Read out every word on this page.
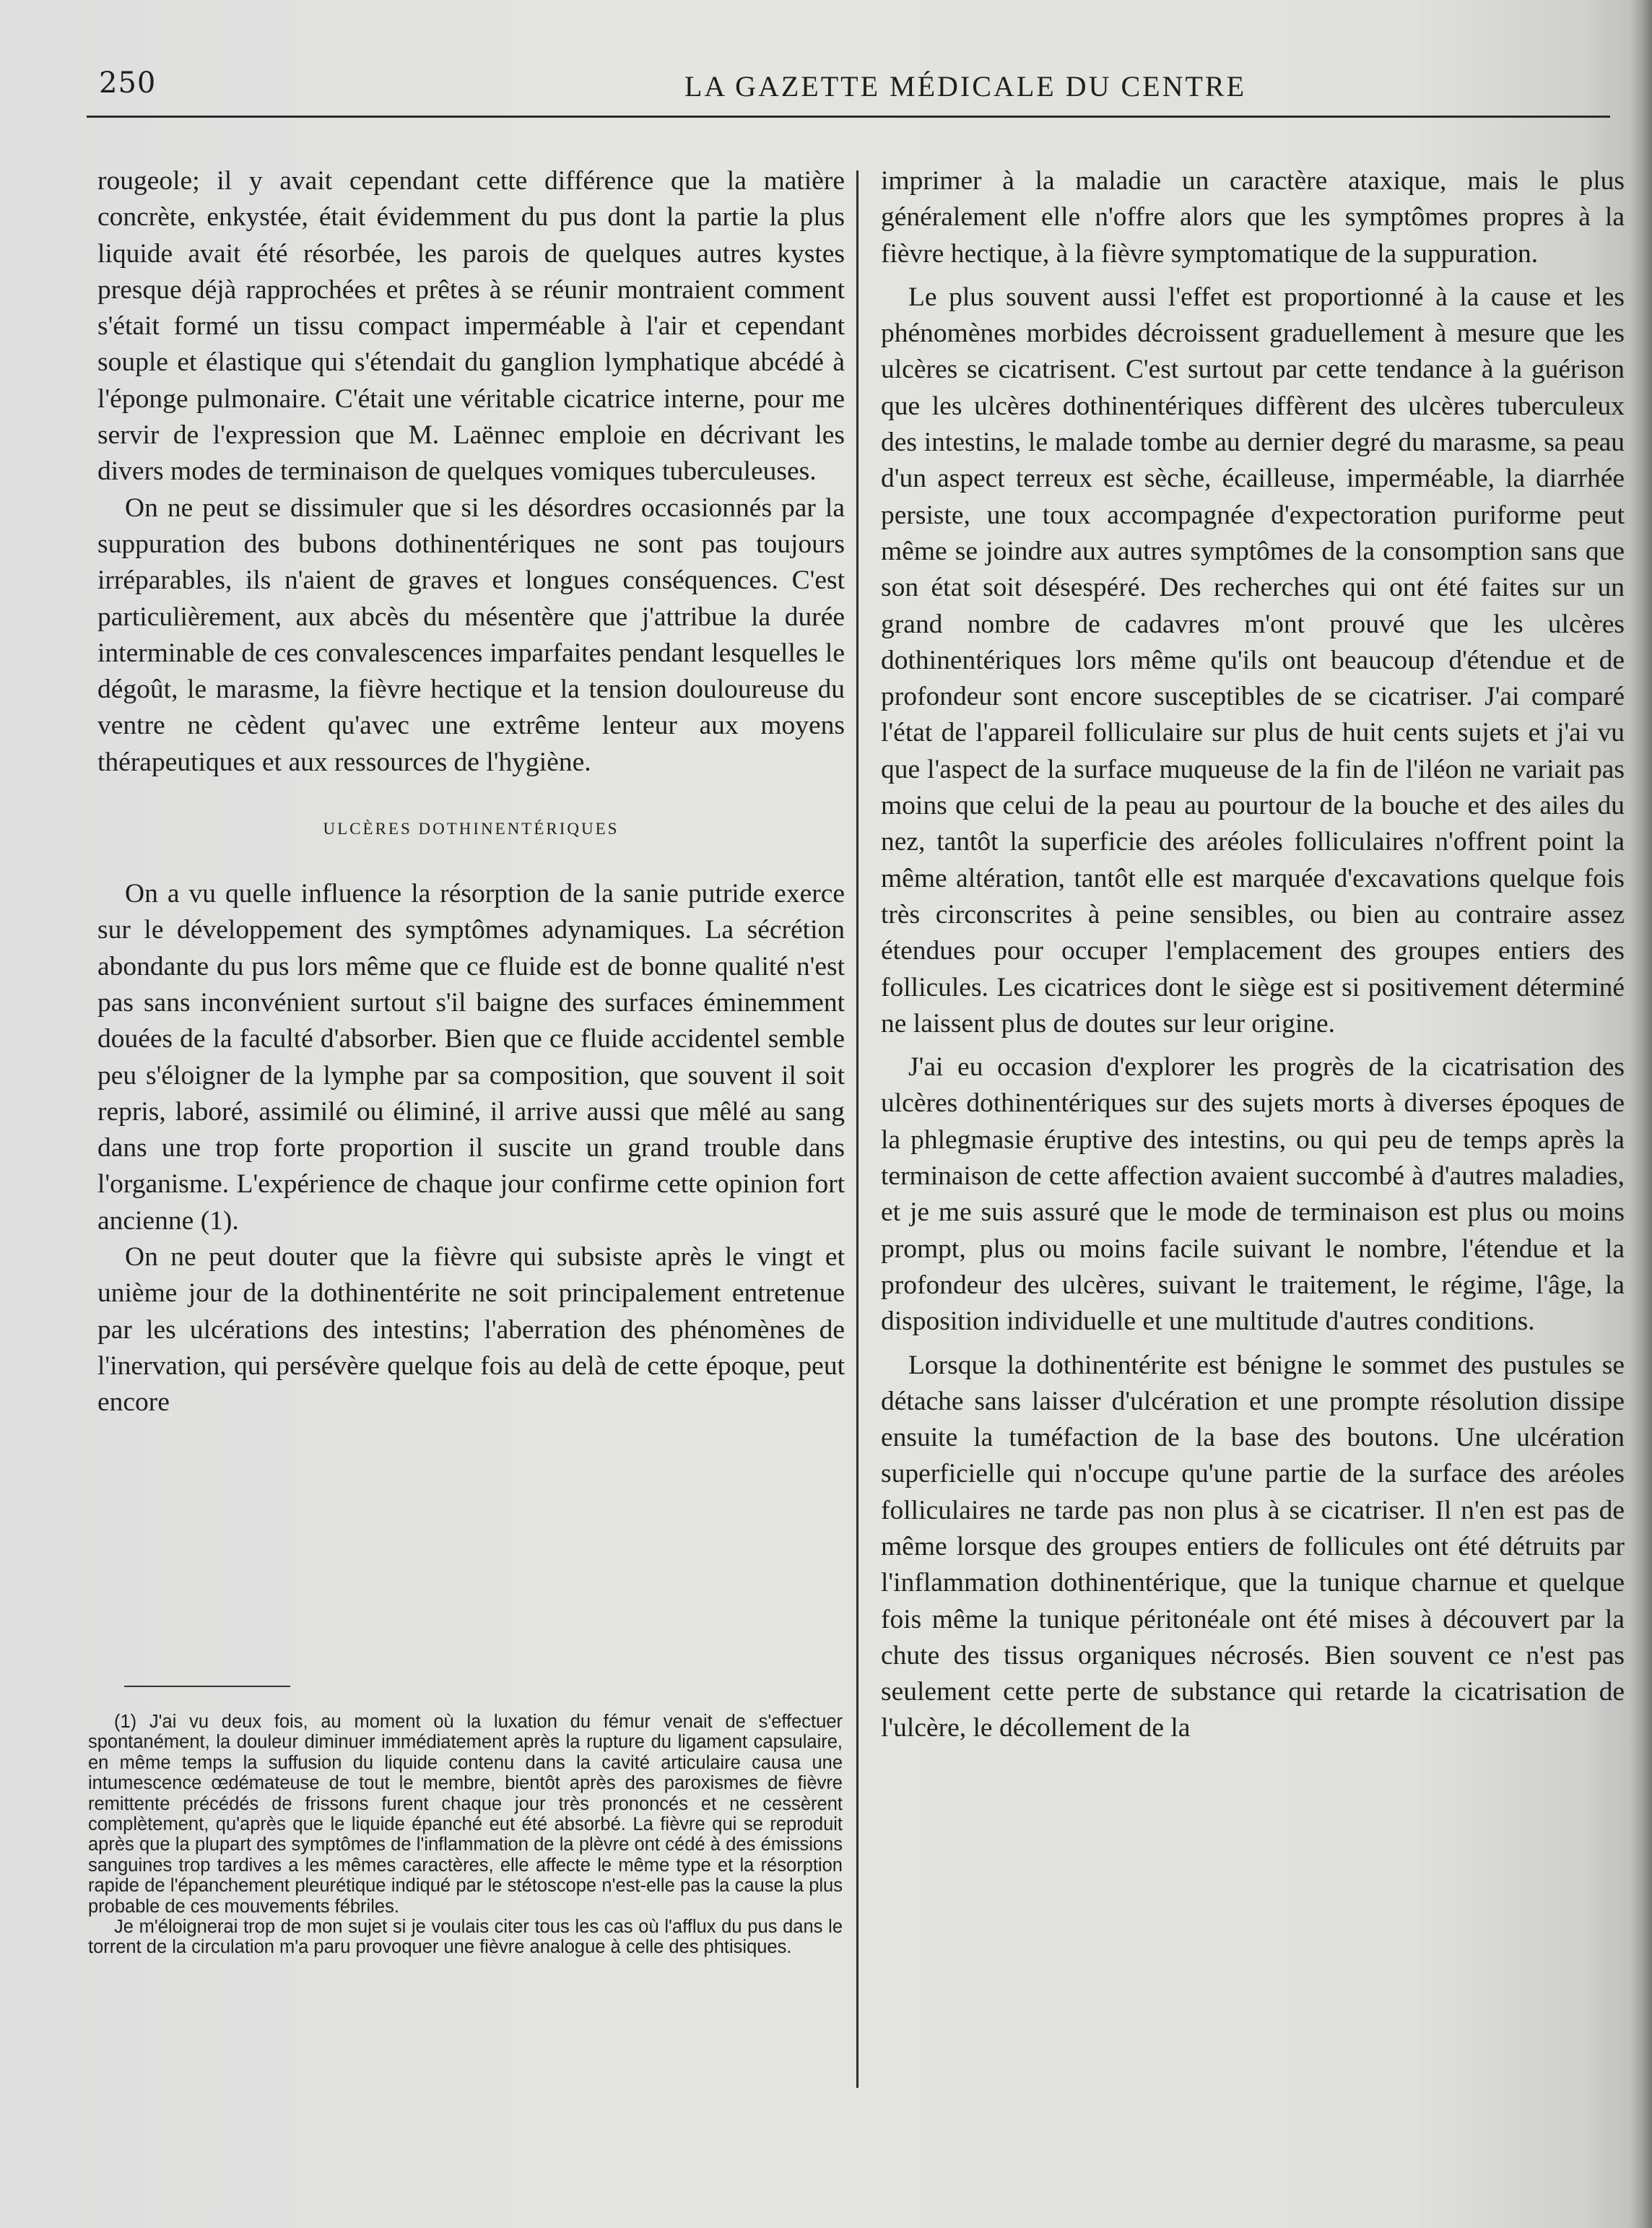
250	LA GAZETTE MÉDICALE DU CENTRE

rougeole; il y avait cependant cette différence que la matière concrète, enkystée, était évidemment du pus dont la partie la plus liquide avait été résorbée, les parois de quelques autres kystes presque déjà rapprochées et prêtes à se réunir montraient comment s'était formé un tissu compact imperméable à l'air et cependant souple et élastique qui s'étendait du ganglion lymphatique abcédé à l'éponge pulmonaire. C'était une véritable cicatrice interne, pour me servir de l'expression que M. Laënnec emploie en décrivant les divers modes de terminaison de quelques vomiques tuberculeuses.

On ne peut se dissimuler que si les désordres occasionnés par la suppuration des bubons dothinentériques ne sont pas toujours irréparables, ils n'aient de graves et longues conséquences. C'est particulièrement, aux abcès du mésentère que j'attribue la durée interminable de ces convalescences imparfaites pendant lesquelles le dégoût, le marasme, la fièvre hectique et la tension douloureuse du ventre ne cèdent qu'avec une extrême lenteur aux moyens thérapeutiques et aux ressources de l'hygiène.

ULCÈRES DOTHINENTÉRIQUES

On a vu quelle influence la résorption de la sanie putride exerce sur le développement des symptômes adynamiques. La sécrétion abondante du pus lors même que ce fluide est de bonne qualité n'est pas sans inconvénient surtout s'il baigne des surfaces éminemment douées de la faculté d'absorber. Bien que ce fluide accidentel semble peu s'éloigner de la lymphe par sa composition, que souvent il soit repris, laboré, assimilé ou éliminé, il arrive aussi que mêlé au sang dans une trop forte proportion il suscite un grand trouble dans l'organisme. L'expérience de chaque jour confirme cette opinion fort ancienne (1).

On ne peut douter que la fièvre qui subsiste après le vingt et unième jour de la dothinentérite ne soit principalement entretenue par les ulcérations des intestins; l'aberration des phénomènes de l'inervation, qui persévère quelque fois au delà de cette époque, peut encore

imprimer à la maladie un caractère ataxique, mais le plus généralement elle n'offre alors que les symptômes propres à la fièvre hectique, à la fièvre symptomatique de la suppuration.

Le plus souvent aussi l'effet est proportionné à la cause et les phénomènes morbides décroissent graduellement à mesure que les ulcères se cicatrisent. C'est surtout par cette tendance à la guérison que les ulcères dothinentériques diffèrent des ulcères tuberculeux des intestins, le malade tombe au dernier degré du marasme, sa peau d'un aspect terreux est sèche, écailleuse, imperméable, la diarrhée persiste, une toux accompagnée d'expectoration puriforme peut même se joindre aux autres symptômes de la consomption sans que son état soit désespéré. Des recherches qui ont été faites sur un grand nombre de cadavres m'ont prouvé que les ulcères dothinentériques lors même qu'ils ont beaucoup d'étendue et de profondeur sont encore susceptibles de se cicatriser. J'ai comparé l'état de l'appareil folliculaire sur plus de huit cents sujets et j'ai vu que l'aspect de la surface muqueuse de la fin de l'iléon ne variait pas moins que celui de la peau au pourtour de la bouche et des ailes du nez, tantôt la superficie des aréoles folliculaires n'offrent point la même altération, tantôt elle est marquée d'excavations quelque fois très circonscrites à peine sensibles, ou bien au contraire assez étendues pour occuper l'emplacement des groupes entiers des follicules. Les cicatrices dont le siège est si positivement déterminé ne laissent plus de doutes sur leur origine.

J'ai eu occasion d'explorer les progrès de la cicatrisation des ulcères dothinentériques sur des sujets morts à diverses époques de la phlegmasie éruptive des intestins, ou qui peu de temps après la terminaison de cette affection avaient succombé à d'autres maladies, et je me suis assuré que le mode de terminaison est plus ou moins prompt, plus ou moins facile suivant le nombre, l'étendue et la profondeur des ulcères, suivant le traitement, le régime, l'âge, la disposition individuelle et une multitude d'autres conditions.

Lorsque la dothinentérite est bénigne le sommet des pustules se détache sans laisser d'ulcération et une prompte résolution dissipe ensuite la tuméfaction de la base des boutons. Une ulcération superficielle qui n'occupe qu'une partie de la surface des aréoles folliculaires ne tarde pas non plus à se cicatriser. Il n'en est pas de même lorsque des groupes entiers de follicules ont été détruits par l'inflammation dothinentérique, que la tunique charnue et quelque fois même la tunique péritonéale ont été mises à découvert par la chute des tissus organiques nécrosés. Bien souvent ce n'est pas seulement cette perte de substance qui retarde la cicatrisation de l'ulcère, le décollement de la

(1) J'ai vu deux fois, au moment où la luxation du fémur venait de s'effectuer spontanément, la douleur diminuer immédiatement après la rupture du ligament capsulaire, en même temps la suffusion du liquide contenu dans la cavité articulaire causa une intumescence œdémateuse de tout le membre, bientôt après des paroxismes de fièvre remittente précédés de frissons furent chaque jour très prononcés et ne cessèrent complètement, qu'après que le liquide épanché eut été absorbé. La fièvre qui se reproduit après que la plupart des symptômes de l'inflammation de la plèvre ont cédé à des émissions sanguines trop tardives a les mêmes caractères, elle affecte le même type et la résorption rapide de l'épanchement pleurétique indiqué par le stétoscope n'est-elle pas la cause la plus probable de ces mouvements fébriles.

Je m'éloignerai trop de mon sujet si je voulais citer tous les cas où l'afflux du pus dans le torrent de la circulation m'a paru provoquer une fièvre analogue à celle des phtisiques.
